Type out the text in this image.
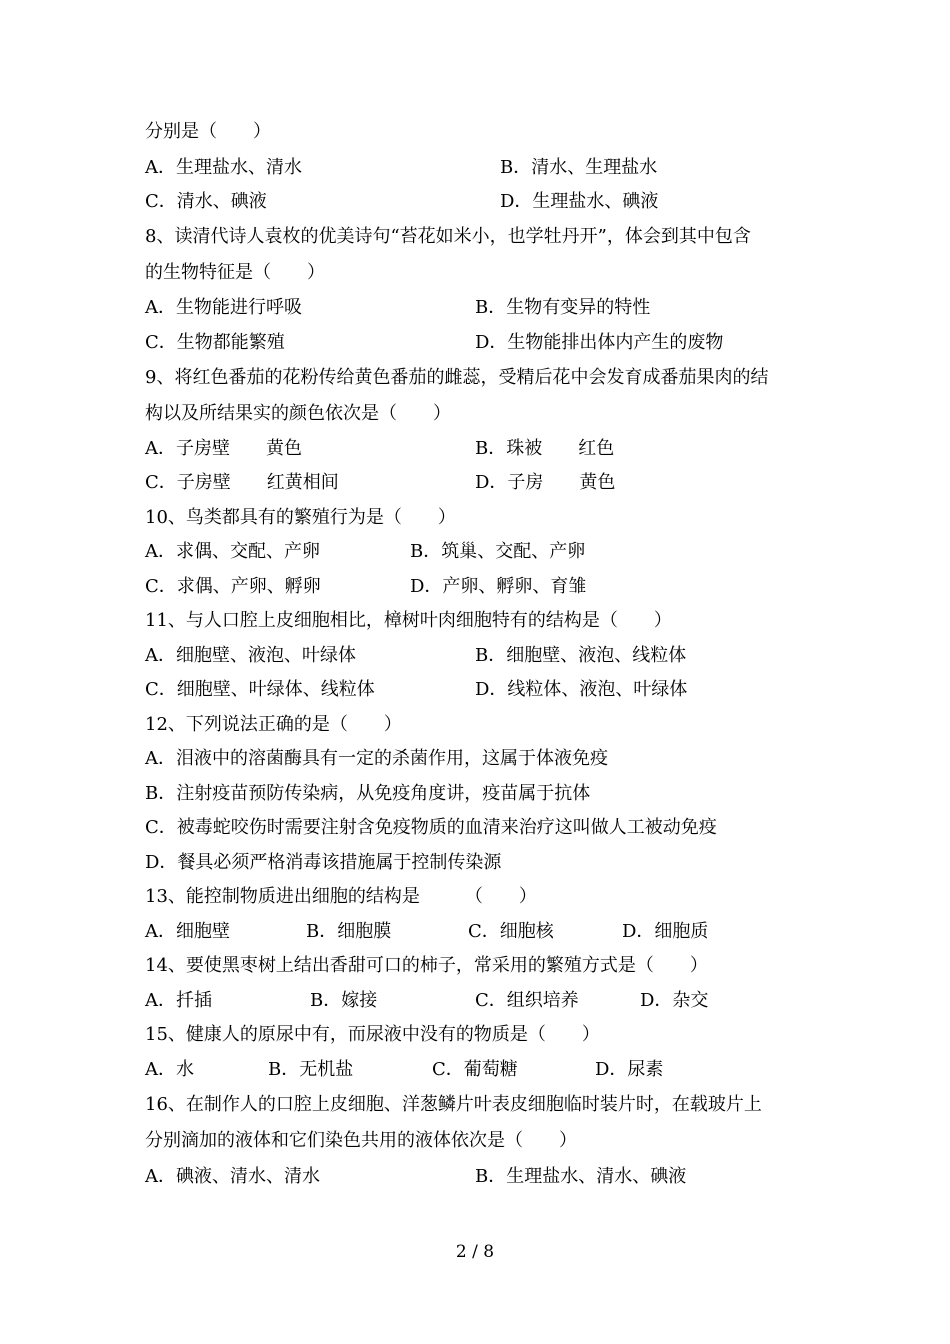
分别是（　　）
A．生理盐水、清水	B．清水、生理盐水
C．清水、碘液	D．生理盐水、碘液
8、读清代诗人袁枚的优美诗句“苔花如米小，也学牡丹开”，体会到其中包含
的生物特征是（　　）
A．生物能进行呼吸	B．生物有变异的特性
C．生物都能繁殖	D．生物能排出体内产生的废物
9、将红色番茄的花粉传给黄色番茄的雌蕊，受精后花中会发育成番茄果肉的结
构以及所结果实的颜色依次是（　　）
A．子房壁　　黄色	B．珠被　　红色
C．子房壁　　红黄相间	D．子房　　黄色
10、鸟类都具有的繁殖行为是（　　）
A．求偶、交配、产卵	B．筑巢、交配、产卵
C．求偶、产卵、孵卵	D．产卵、孵卵、育雏
11、与人口腔上皮细胞相比，樟树叶肉细胞特有的结构是（　　）
A．细胞壁、液泡、叶绿体	B．细胞壁、液泡、线粒体
C．细胞壁、叶绿体、线粒体	D．线粒体、液泡、叶绿体
12、下列说法正确的是（　　）
A．泪液中的溶菌酶具有一定的杀菌作用，这属于体液免疫
B．注射疫苗预防传染病，从免疫角度讲，疫苗属于抗体
C．被毒蛇咬伤时需要注射含免疫物质的血清来治疗这叫做人工被动免疫
D．餐具必须严格消毒该措施属于控制传染源
13、能控制物质进出细胞的结构是　　　（　　）
A．细胞壁	B．细胞膜	C．细胞核	D．细胞质
14、要使黑枣树上结出香甜可口的柿子，常采用的繁殖方式是（　　）
A．扦插	B．嫁接	C．组织培养	D．杂交
15、健康人的原尿中有，而尿液中没有的物质是（　　）
A．水	B．无机盐	C．葡萄糖	D．尿素
16、在制作人的口腔上皮细胞、洋葱鳞片叶表皮细胞临时装片时，在载玻片上
分别滴加的液体和它们染色共用的液体依次是（　　）
A．碘液、清水、清水	B．生理盐水、清水、碘液
2 / 8
